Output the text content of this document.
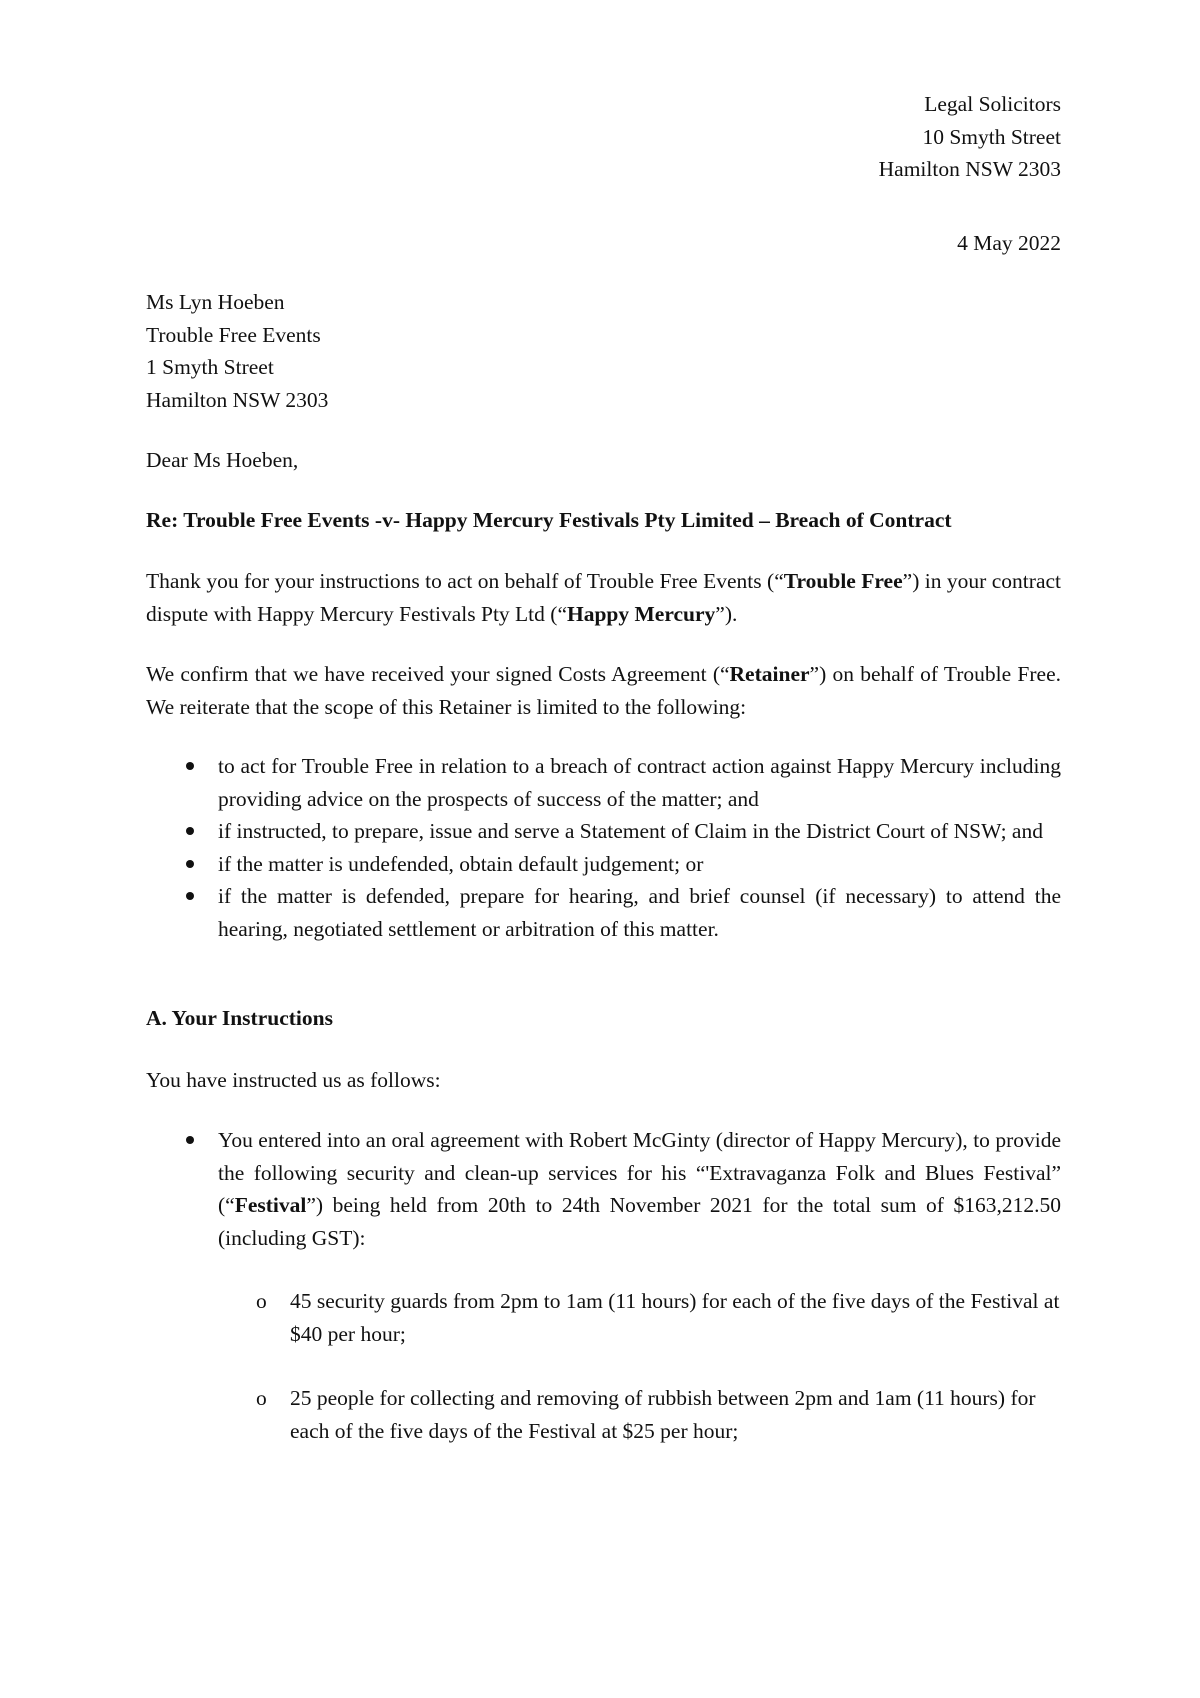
Legal Solicitors
10 Smyth Street
Hamilton NSW 2303
4 May 2022
Ms Lyn Hoeben
Trouble Free Events
1 Smyth Street
Hamilton NSW 2303
Dear Ms Hoeben,
Re: Trouble Free Events -v- Happy Mercury Festivals Pty Limited – Breach of Contract
Thank you for your instructions to act on behalf of Trouble Free Events (“Trouble Free”) in your contract dispute with Happy Mercury Festivals Pty Ltd (“Happy Mercury”).
We confirm that we have received your signed Costs Agreement (“Retainer”) on behalf of Trouble Free. We reiterate that the scope of this Retainer is limited to the following:
to act for Trouble Free in relation to a breach of contract action against Happy Mercury including providing advice on the prospects of success of the matter; and
if instructed, to prepare, issue and serve a Statement of Claim in the District Court of NSW; and
if the matter is undefended, obtain default judgement; or
if the matter is defended, prepare for hearing, and brief counsel (if necessary) to attend the hearing, negotiated settlement or arbitration of this matter.
A. Your Instructions
You have instructed us as follows:
You entered into an oral agreement with Robert McGinty (director of Happy Mercury), to provide the following security and clean-up services for his “'Extravaganza Folk and Blues Festival” (“Festival”) being held from 20th to 24th November 2021 for the total sum of $163,212.50 (including GST):
o 45 security guards from 2pm to 1am (11 hours) for each of the five days of the Festival at $40 per hour;
o 25 people for collecting and removing of rubbish between 2pm and 1am (11 hours) for each of the five days of the Festival at $25 per hour;
